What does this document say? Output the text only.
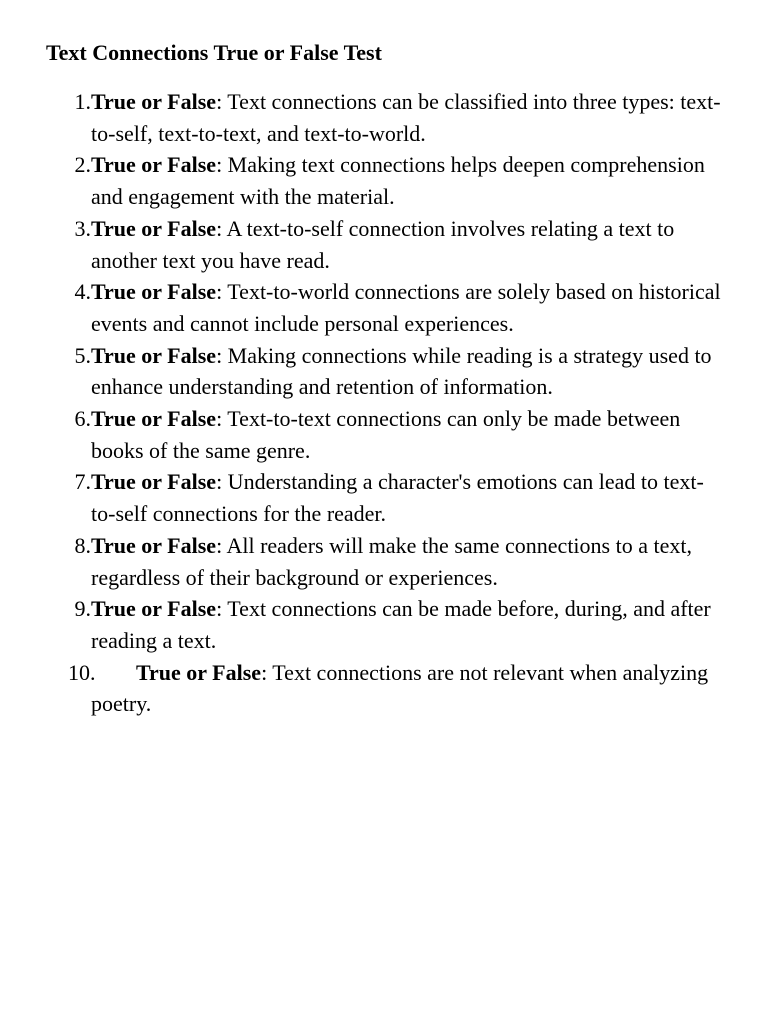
Text Connections True or False Test
1. True or False: Text connections can be classified into three types: text-to-self, text-to-text, and text-to-world.
2. True or False: Making text connections helps deepen comprehension and engagement with the material.
3. True or False: A text-to-self connection involves relating a text to another text you have read.
4. True or False: Text-to-world connections are solely based on historical events and cannot include personal experiences.
5. True or False: Making connections while reading is a strategy used to enhance understanding and retention of information.
6. True or False: Text-to-text connections can only be made between books of the same genre.
7. True or False: Understanding a character's emotions can lead to text-to-self connections for the reader.
8. True or False: All readers will make the same connections to a text, regardless of their background or experiences.
9. True or False: Text connections can be made before, during, and after reading a text.
10. True or False: Text connections are not relevant when analyzing poetry.
